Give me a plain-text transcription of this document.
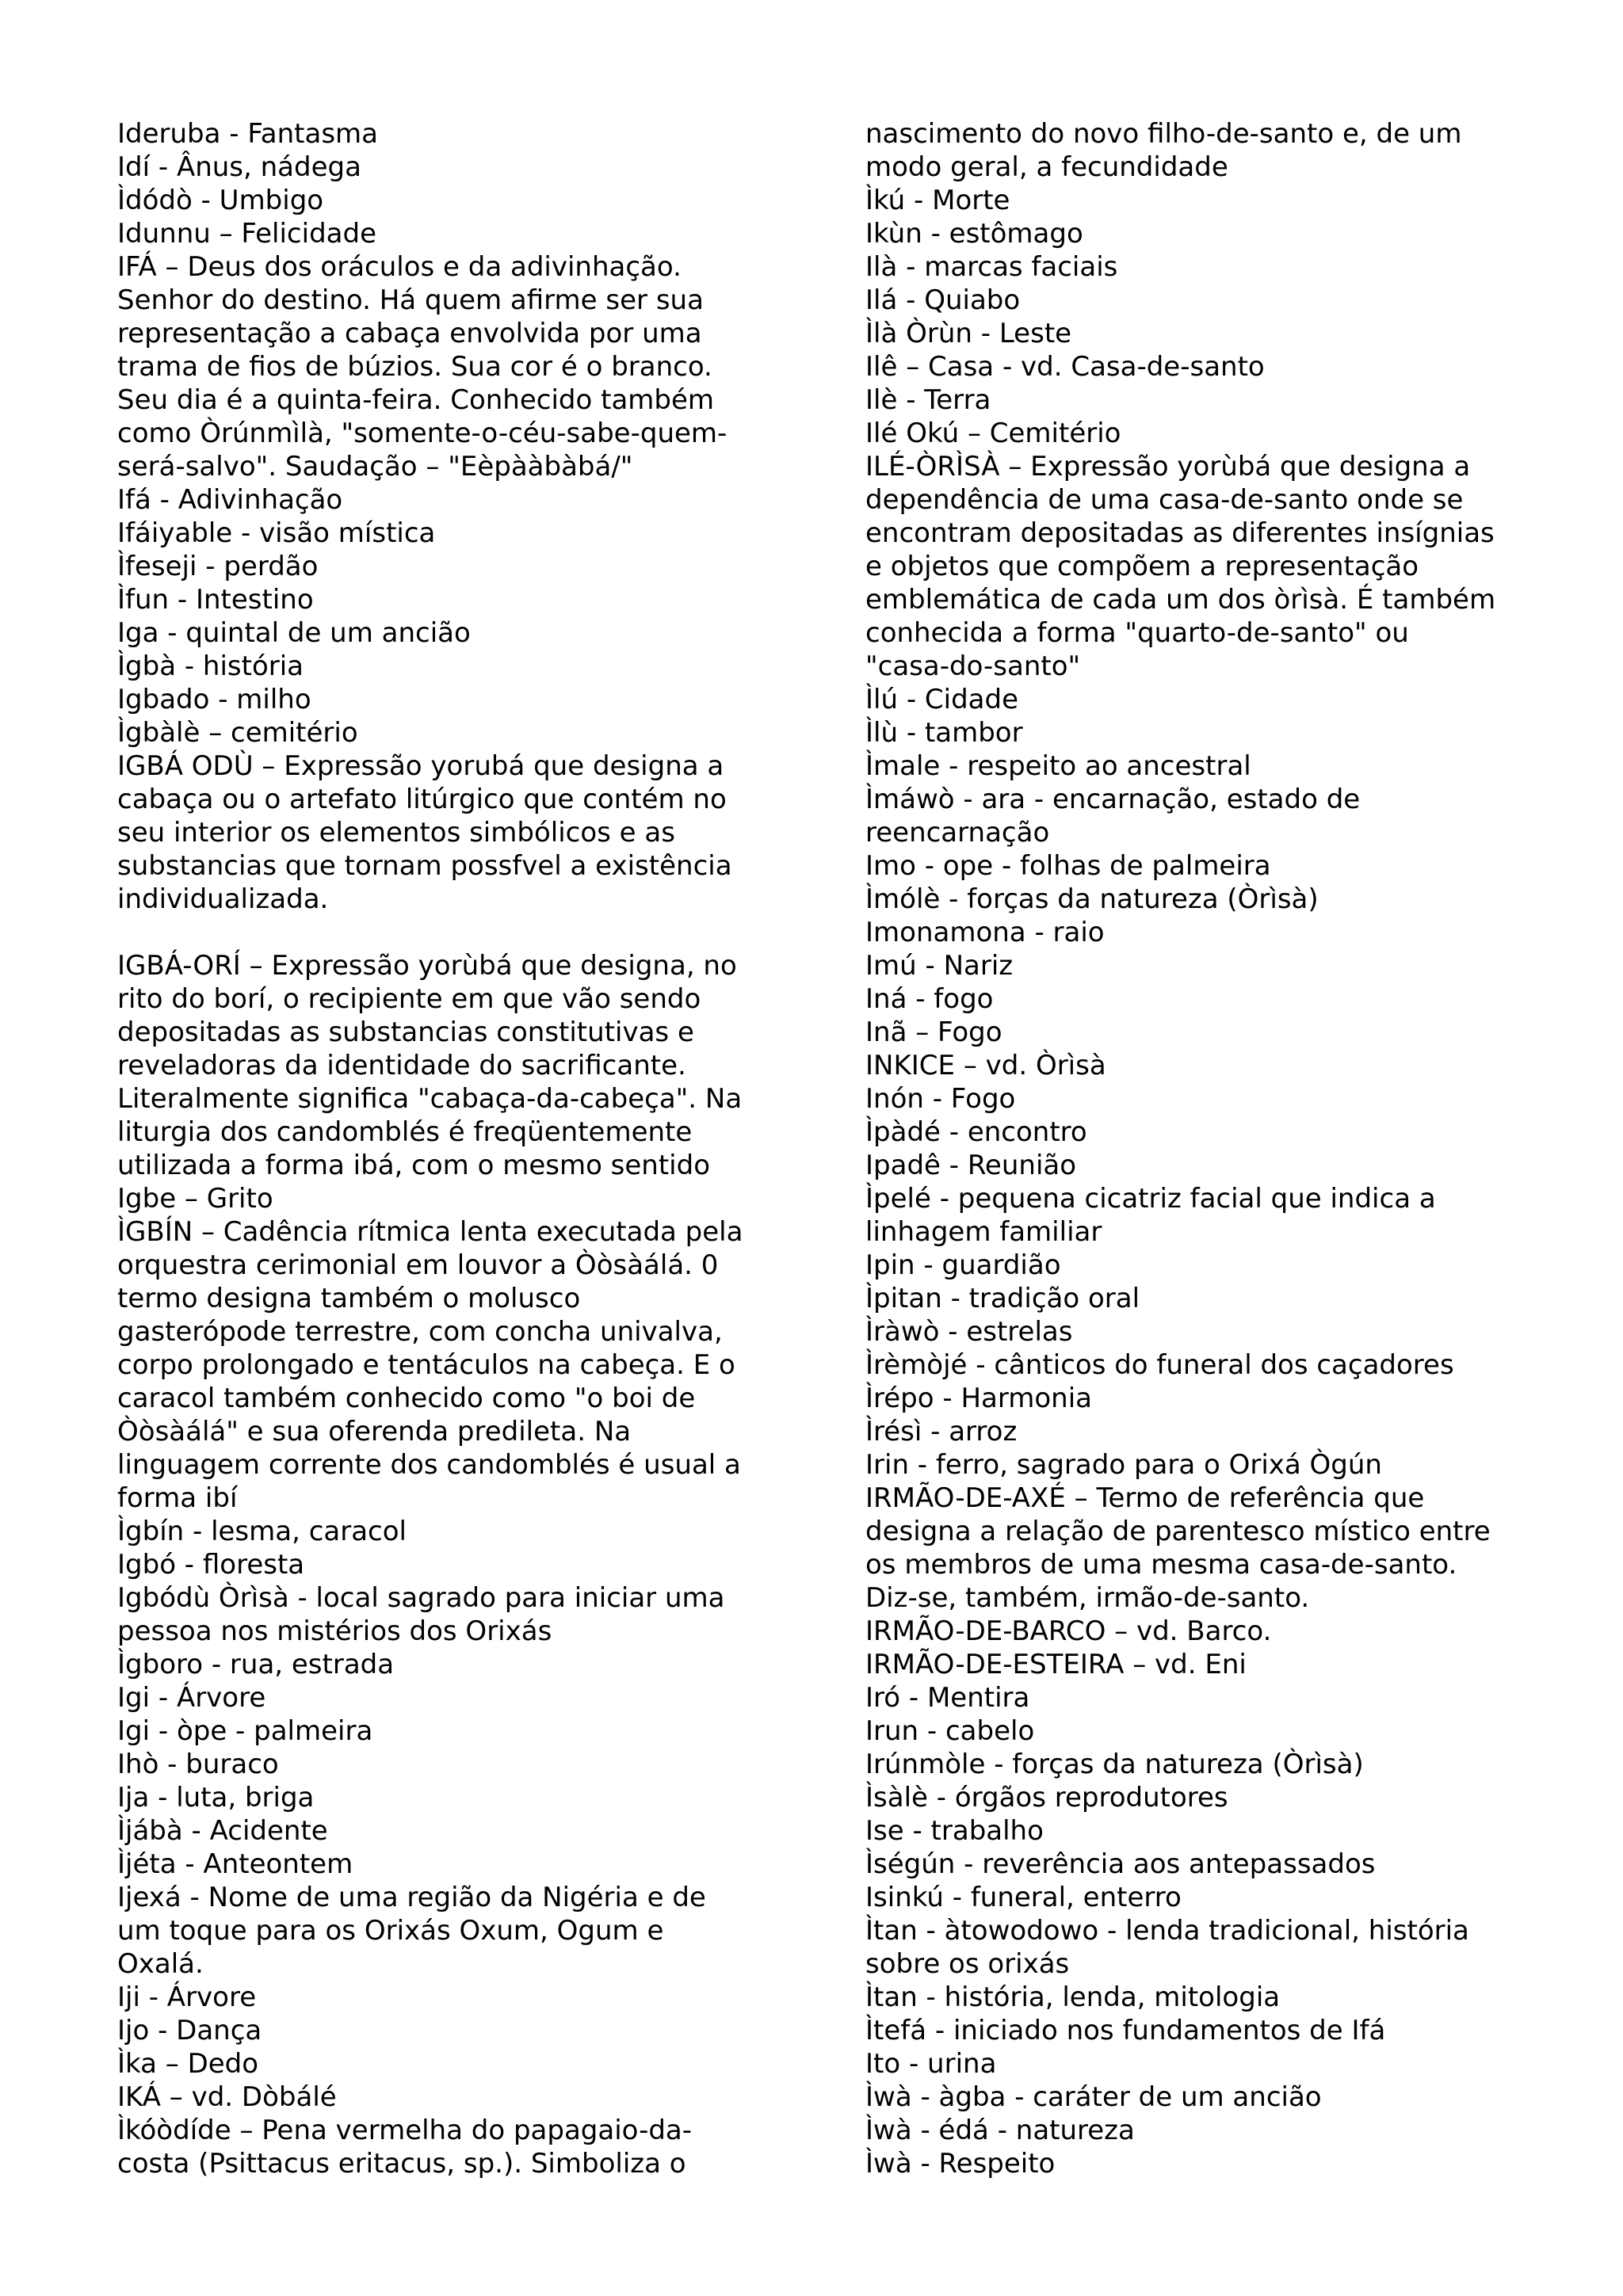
Ideruba - Fantasma
Idí - Ânus, nádega
Ìdódò - Umbigo
Idunnu – Felicidade
IFÁ – Deus dos oráculos e da adivinhação.
Senhor do destino. Há quem afirme ser sua
representação a cabaça envolvida por uma
trama de fios de búzios. Sua cor é o branco.
Seu dia é a quinta-feira. Conhecido também
como Òrúnmìlà, "somente-o-céu-sabe-quem-
será-salvo". Saudação – "Eèpààbàbá/"
Ifá - Adivinhação
Ifáiyable - visão mística
Ìfeseji - perdão
Ìfun - Intestino
Iga - quintal de um ancião
Ìgbà - história
Igbado - milho
Ìgbàlè – cemitério
IGBÁ ODÙ – Expressão yorubá que designa a
cabaça ou o artefato litúrgico que contém no
seu interior os elementos simbólicos e as
substancias que tornam possfvel a existência
individualizada.
IGBÁ-ORÍ – Expressão yorùbá que designa, no
rito do borí, o recipiente em que vão sendo
depositadas as substancias constitutivas e
reveladoras da identidade do sacrificante.
Literalmente significa "cabaça-da-cabeça". Na
liturgia dos candomblés é freqüentemente
utilizada a forma ibá, com o mesmo sentido
Igbe – Grito
ÌGBÍN – Cadência rítmica lenta executada pela
orquestra cerimonial em louvor a Òòsàálá. 0
termo designa também o molusco
gasterópode terrestre, com concha univalva,
corpo prolongado e tentáculos na cabeça. E o
caracol também conhecido como "o boi de
Òòsàálá" e sua oferenda predileta. Na
linguagem corrente dos candomblés é usual a
forma ibí
Ìgbín - lesma, caracol
Igbó - floresta
Igbódù Òrìsà - local sagrado para iniciar uma
pessoa nos mistérios dos Orixás
Ìgboro - rua, estrada
Igi - Árvore
Igi - òpe - palmeira
Ihò - buraco
Ija - luta, briga
Ìjábà - Acidente
Ìjéta - Anteontem
Ijexá - Nome de uma região da Nigéria e de
um toque para os Orixás Oxum, Ogum e
Oxalá.
Iji - Árvore
Ijo - Dança
Ìka – Dedo
IKÁ – vd. Dòbálé
Ìkóòdíde – Pena vermelha do papagaio-da-
costa (Psittacus eritacus, sp.). Simboliza o
nascimento do novo filho-de-santo e, de um
modo geral, a fecundidade
Ìkú - Morte
Ikùn - estômago
Ilà - marcas faciais
Ilá - Quiabo
Ìlà Òrùn - Leste
Ilê – Casa - vd. Casa-de-santo
Ilè - Terra
Ilé Okú – Cemitério
ILÉ-ÒRÌSÀ – Expressão yorùbá que designa a
dependência de uma casa-de-santo onde se
encontram depositadas as diferentes insígnias
e objetos que compõem a representação
emblemática de cada um dos òrìsà. É também
conhecida a forma "quarto-de-santo" ou
"casa-do-santo"
Ìlú - Cidade
Ìlù - tambor
Ìmale - respeito ao ancestral
Ìmáwò - ara - encarnação, estado de
reencarnação
Imo - ope - folhas de palmeira
Ìmólè - forças da natureza (Òrìsà)
Imonamona - raio
Imú - Nariz
Iná - fogo
Inã – Fogo
INKICE – vd. Òrìsà
Inón - Fogo
Ìpàdé - encontro
Ipadê - Reunião
Ìpelé - pequena cicatriz facial que indica a
linhagem familiar
Ipin - guardião
Ìpitan - tradição oral
Ìràwò - estrelas
Ìrèmòjé - cânticos do funeral dos caçadores
Ìrépo - Harmonia
Ìrésì - arroz
Irin - ferro, sagrado para o Orixá Ògún
IRMÃO-DE-AXÉ – Termo de referência que
designa a relação de parentesco místico entre
os membros de uma mesma casa-de-santo.
Diz-se, também, irmão-de-santo.
IRMÃO-DE-BARCO – vd. Barco.
IRMÃO-DE-ESTEIRA – vd. Eni
Iró - Mentira
Irun - cabelo
Irúnmòle - forças da natureza (Òrìsà)
Ìsàlè - órgãos reprodutores
Ise - trabalho
Ìségún - reverência aos antepassados
Isinkú - funeral, enterro
Ìtan - àtowodowo - lenda tradicional, história
sobre os orixás
Ìtan - história, lenda, mitologia
Ìtefá - iniciado nos fundamentos de Ifá
Ito - urina
Ìwà - àgba - caráter de um ancião
Ìwà - édá - natureza
Ìwà - Respeito
